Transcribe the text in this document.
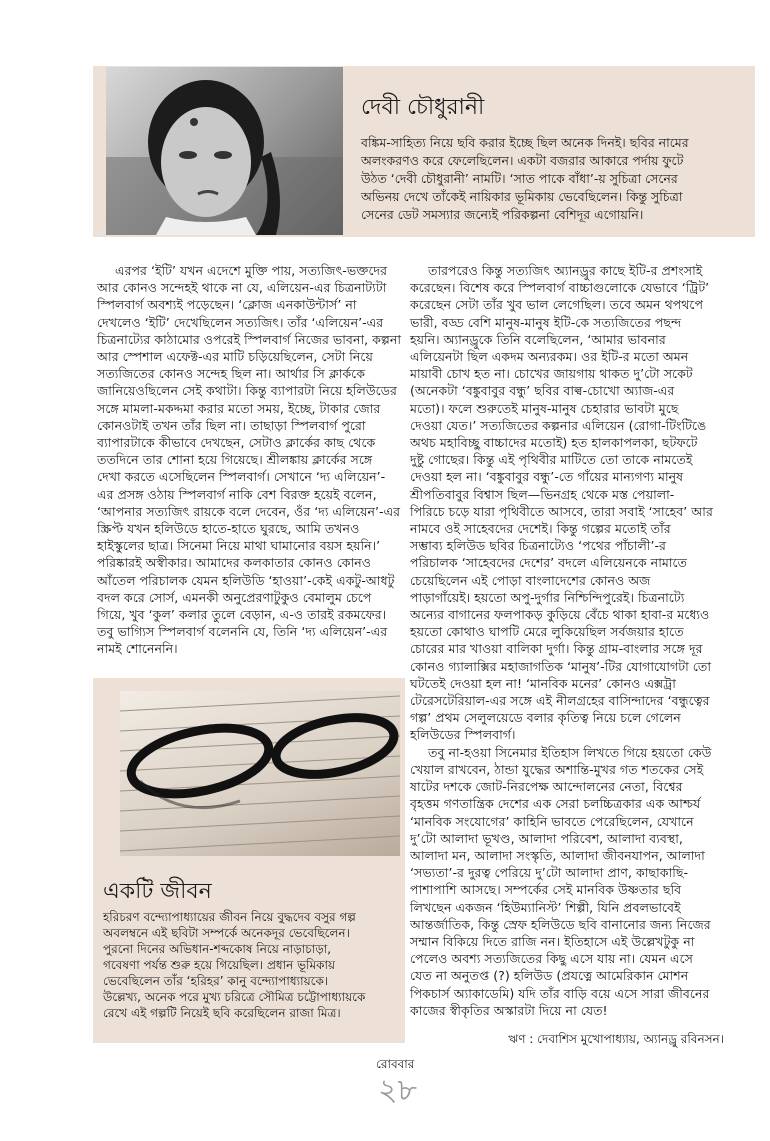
দেবী চৌধুরানী
বঙ্কিম-সাহিত্য নিয়ে ছবি করার ইচ্ছে ছিল অনেক দিনই। ছবির নামের
অলংকরণও করে ফেলেছিলেন। একটা বজরার আকারে পর্দায় ফুটে
উঠত ‘দেবী চৌধুরানী’ নামটি। ‘সাত পাকে বাঁধা’-য় সুচিত্রা সেনের
অভিনয় দেখে তাঁকেই নায়িকার ভূমিকায় ভেবেছিলেন। কিন্তু সুচিত্রা
সেনের ডেট সমস্যার জন্যেই পরিকল্পনা বেশিদূর এগোয়নি।
এরপর ‘ইটি’ যখন এদেশে মুক্তি পায়, সত্যজিৎ-ভক্তদের
আর কোনও সন্দেহই থাকে না যে, এলিয়েন-এর চিত্রনাট্যটা
স্পিলবার্গ অবশ্যই পড়েছেন। ‘ক্লোজ এনকাউন্টার্স’ না
দেখলেও ‘ইটি’ দেখেছিলেন সত্যজিৎ। তাঁর ‘এলিয়েন’-এর
চিত্রনাট্যের কাঠামোর ওপরেই স্পিলবার্গ নিজের ভাবনা, কল্পনা
আর স্পেশাল এফেক্ট-এর মাটি চড়িয়েছিলেন, সেটা নিয়ে
সত্যজিতের কোনও সন্দেহ ছিল না। আর্থার সি ক্লার্ককে
জানিয়েওছিলেন সেই কথাটা। কিন্তু ব্যাপারটা নিয়ে হলিউডের
সঙ্গে মামলা-মকদ্দমা করার মতো সময়, ইচ্ছে, টাকার জোর
কোনওটাই তখন তাঁর ছিল না। তাছাড়া স্পিলবার্গ পুরো
ব্যাপারটাকে কীভাবে দেখছেন, সেটাও ক্লার্কের কাছ থেকে
ততদিনে তার শোনা হয়ে গিয়েছে। শ্রীলঙ্কায় ক্লার্কের সঙ্গে
দেখা করতে এসেছিলেন স্পিলবার্গ। সেখানে ‘দ্য এলিয়েন’-
এর প্রসঙ্গ ওঠায় স্পিলবার্গ নাকি বেশ বিরক্ত হয়েই বলেন,
‘আপনার সত্যজিৎ রায়কে বলে দেবেন, ওঁর ‘দ্য এলিয়েন’-এর
স্ক্রিপ্ট যখন হলিউডে হাতে-হাতে ঘুরছে, আমি তখনও
হাইস্কুলের ছাত্র। সিনেমা নিয়ে মাথা ঘামানোর বয়স হয়নি।’
পরিষ্কারই অস্বীকার। আমাদের কলকাতার কোনও কোনও
আঁতেল পরিচালক যেমন হলিউডি ‘হাওয়া’-কেই একটু-আধটু
বদল করে সোর্স, এমনকী অনুপ্রেরণাটুকুও বেমালুম চেপে
গিয়ে, খুব ‘কুল’ কলার তুলে বেড়ান, এ-ও তারই রকমফের।
তবু ভাগ্যিস স্পিলবার্গ বলেননি যে, তিনি ‘দ্য এলিয়েন’-এর
নামই শোনেননি।
তারপরেও কিন্তু সত্যজিৎ অ্যানড্রুর কাছে ইটি-র প্রশংসাই
করেছেন। বিশেষ করে স্পিলবার্গ বাচ্চাগুলোকে যেভাবে ‘ট্রিট’
করেছেন সেটা তাঁর খুব ভাল লেগেছিল। তবে অমন থপথপে
ভারী, বড্ড বেশি মানুষ-মানুষ ইটি-কে সত্যজিতের পছন্দ
হয়নি। অ্যানড্রুকে তিনি বলেছিলেন, ‘আমার ভাবনার
এলিয়েনটা ছিল একদম অন্যরকম। ওর ইটি-র মতো অমন
মায়াবী চোখ হত না। চোখের জায়গায় থাকত দু’টো সকেট
(অনেকটা ‘বঙ্কুবাবুর বন্ধু’ ছবির বাল্ব-চোখো অ্যাজ-এর
মতো)। ফলে শুরুতেই মানুষ-মানুষ চেহারার ভাবটা মুছে
দেওয়া যেত।’ সত্যজিতের কল্পনার এলিয়েন (রোগা-টিংটিঙে
অথচ মহাবিচ্ছু বাচ্চাদের মতোই) হত হালকাপলকা, ছটফটে
দুষ্টু গোছের। কিন্তু এই পৃথিবীর মাটিতে তো তাকে নামতেই
দেওয়া হল না। ‘বঙ্কুবাবুর বন্ধু’-তে গাঁয়ের মান্যগণ্য মানুষ
শ্রীপতিবাবুর বিশ্বাস ছিল—ভিনগ্রহ থেকে মস্ত পেয়ালা-
পিরিচে চড়ে যারা পৃথিবীতে আসবে, তারা সবাই ‘সাহেব’ আর
নামবে ওই সাহেবদের দেশেই। কিন্তু গল্পের মতোই তাঁর
সম্ভাব্য হলিউড ছবির চিত্রনাট্যেও ‘পথের পাঁচালী’-র
পরিচালক ‘সাহেবদের দেশের’ বদলে এলিয়েনকে নামাতে
চেয়েছিলেন এই পোড়া বাংলাদেশের কোনও অজ
পাড়াগাঁয়েই। হয়তো অপু-দুর্গার নিশ্চিন্দিপুরেই। চিত্রনাট্যে
অন্যের বাগানের ফলপাকড় কুড়িয়ে বেঁচে থাকা হাবা-র মধ্যেও
হয়তো কোথাও ঘাপটি মেরে লুকিয়েছিল সর্বজয়ার হাতে
চোরের মার খাওয়া বালিকা দুর্গা। কিন্তু গ্রাম-বাংলার সঙ্গে দূর
কোনও গ্যালাক্সির মহাজাগতিক ‘মানুষ’-টির যোগাযোগটা তো
ঘটতেই দেওয়া হল না! ‘মানবিক মনের’ কোনও এক্সট্রা
টেরেসটেরিয়াল-এর সঙ্গে এই নীলগ্রহের বাসিন্দাদের ‘বন্ধুত্বের
গল্প’ প্রথম সেলুলয়েডে বলার কৃতিত্ব নিয়ে চলে গেলেন
হলিউডের স্পিলবার্গ।
তবু না-হওয়া সিনেমার ইতিহাস লিখতে গিয়ে হয়তো কেউ
খেয়াল রাখবেন, ঠান্ডা যুদ্ধের অশান্তি-মুখর গত শতকের সেই
ষাটের দশকে জোট-নিরপেক্ষ আন্দোলনের নেতা, বিশ্বের
বৃহত্তম গণতান্ত্রিক দেশের এক সেরা চলচ্চিত্রকার এক আশ্চর্য
‘মানবিক সংযোগের’ কাহিনি ভাবতে পেরেছিলেন, যেখানে
দু’টো আলাদা ভূখণ্ড, আলাদা পরিবেশ, আলাদা ব্যবস্থা,
আলাদা মন, আলাদা সংস্কৃতি, আলাদা জীবনযাপন, আলাদা
‘সভ্যতা’-র দুরত্ব পেরিয়ে দু’টো আলাদা প্রাণ, কাছাকাছি-
পাশাপাশি আসছে। সম্পর্কের সেই মানবিক উষ্ণতার ছবি
লিখছেন একজন ‘হিউম্যানিস্ট’ শিল্পী, যিনি প্রবলভাবেই
আন্তর্জাতিক, কিন্তু স্রেফ হলিউডে ছবি বানানোর জন্য নিজের
সম্মান বিকিয়ে দিতে রাজি নন। ইতিহাসে এই উল্লেখটুকু না
পেলেও অবশ্য সত্যজিতের কিছু এসে যায় না। যেমন এসে
যেত না অনুতপ্ত (?) হলিউড (প্রযত্নে আমেরিকান মোশন
পিকচার্স অ্যাকাডেমি) যদি তাঁর বাড়ি বয়ে এসে সারা জীবনের
কাজের স্বীকৃতির অস্কারটা দিয়ে না যেত!
একটি জীবন
হরিচরণ বন্দ্যোপাধ্যায়ের জীবন নিয়ে বুদ্ধদেব বসুর গল্প
অবলম্বনে এই ছবিটা সম্পর্কে অনেকদূর ভেবেছিলেন।
পুরনো দিনের অভিধান-শব্দকোষ নিয়ে নাড়াচাড়া,
গবেষণা পর্যন্ত শুরু হয়ে গিয়েছিল। প্রধান ভূমিকায়
ভেবেছিলেন তাঁর ‘হরিহর’ কানু বন্দ্যোপাধ্যায়কে।
উল্লেখ্য, অনেক পরে মুখ্য চরিত্রে সৌমিত্র চট্টোপাধ্যায়কে
রেখে এই গল্পটি নিয়েই ছবি করেছিলেন রাজা মিত্র।
ঋণ : দেবাশিস মুখোপাধ্যায়, অ্যানড্রু রবিনসন।
রোববার
২৮
